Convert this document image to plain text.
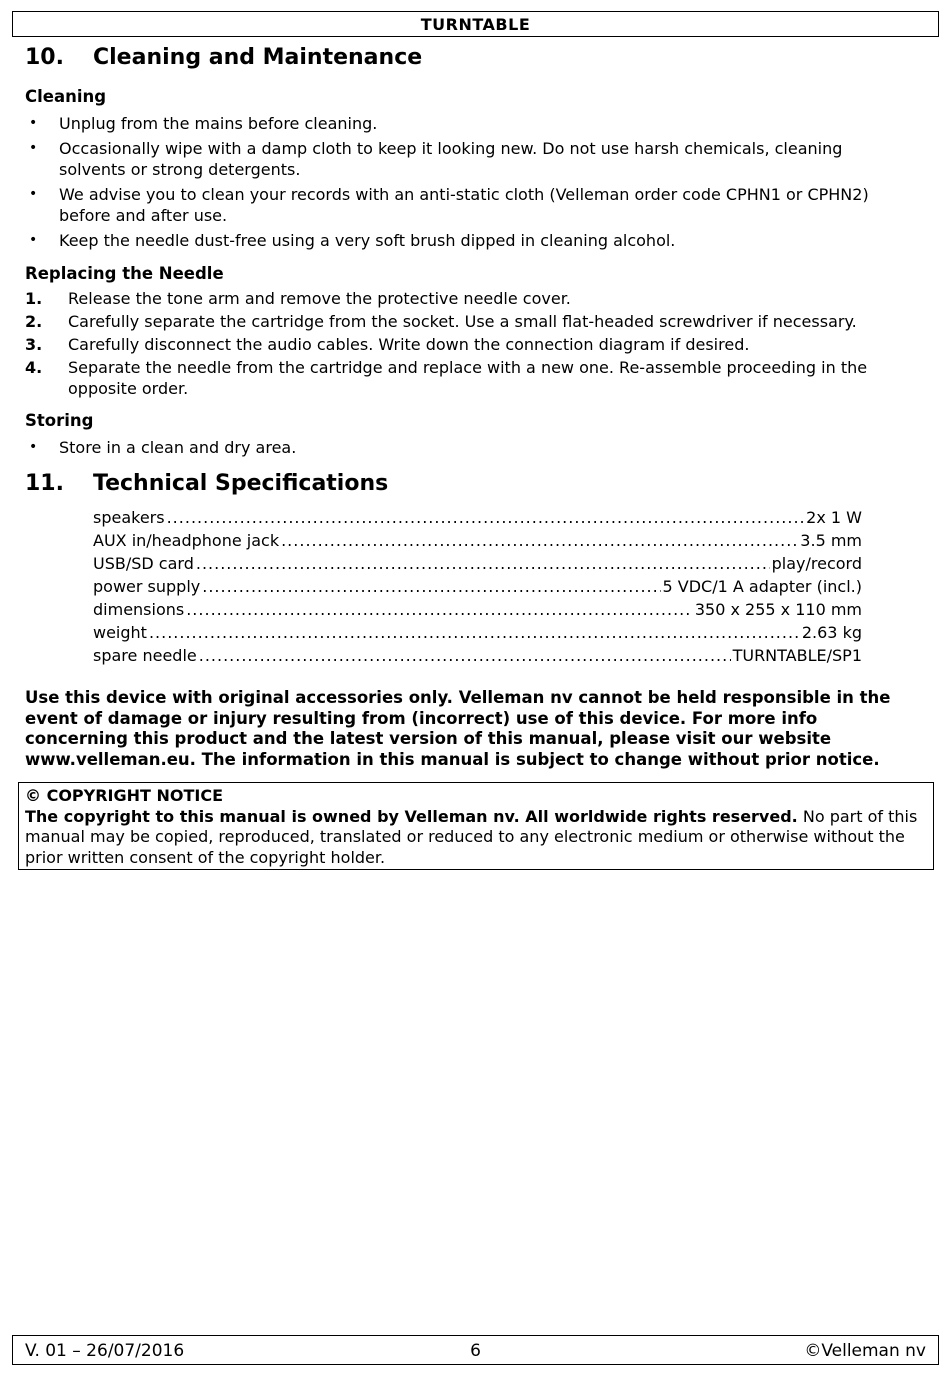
TURNTABLE
10. Cleaning and Maintenance
Cleaning
• Unplug from the mains before cleaning.
• Occasionally wipe with a damp cloth to keep it looking new. Do not use harsh chemicals, cleaning solvents or strong detergents.
• We advise you to clean your records with an anti-static cloth (Velleman order code CPHN1 or CPHN2) before and after use.
• Keep the needle dust-free using a very soft brush dipped in cleaning alcohol.
Replacing the Needle
1. Release the tone arm and remove the protective needle cover.
2. Carefully separate the cartridge from the socket. Use a small flat-headed screwdriver if necessary.
3. Carefully disconnect the audio cables. Write down the connection diagram if desired.
4. Separate the needle from the cartridge and replace with a new one. Re-assemble proceeding in the opposite order.
Storing
• Store in a clean and dry area.
11. Technical Specifications
speakers .....	2x 1 W
AUX in/headphone jack .....	3.5 mm
USB/SD card .....	play/record
power supply .....	5 VDC/1 A adapter (incl.)
dimensions .....	350 x 255 x 110 mm
weight .....	2.63 kg
spare needle .....	TURNTABLE/SP1

Use this device with original accessories only. Velleman nv cannot be held responsible in the event of damage or injury resulting from (incorrect) use of this device. For more info concerning this product and the latest version of this manual, please visit our website www.velleman.eu. The information in this manual is subject to change without prior notice.

© COPYRIGHT NOTICE
The copyright to this manual is owned by Velleman nv. All worldwide rights reserved. No part of this manual may be copied, reproduced, translated or reduced to any electronic medium or otherwise without the prior written consent of the copyright holder.
6
V. 01 – 26/07/2016	©Velleman nv
